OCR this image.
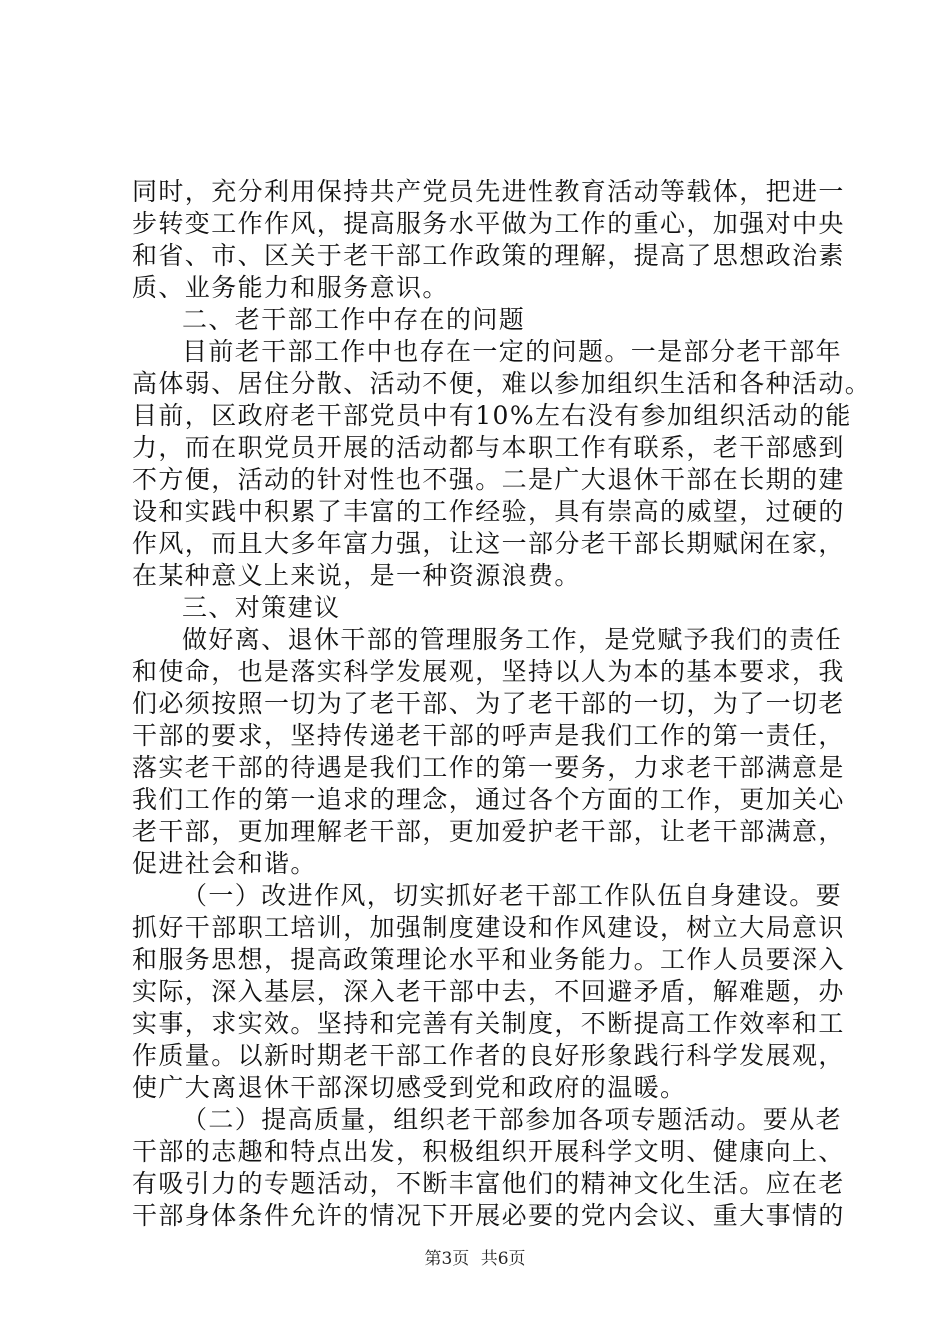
同时，充分利用保持共产党员先进性教育活动等载体，把进一
步转变工作作风，提高服务水平做为工作的重心，加强对中央
和省、市、区关于老干部工作政策的理解，提高了思想政治素
质、业务能力和服务意识。
二、老干部工作中存在的问题
目前老干部工作中也存在一定的问题。一是部分老干部年
高体弱、居住分散、活动不便，难以参加组织生活和各种活动。
目前，区政府老干部党员中有10%左右没有参加组织活动的能
力，而在职党员开展的活动都与本职工作有联系，老干部感到
不方便，活动的针对性也不强。二是广大退休干部在长期的建
设和实践中积累了丰富的工作经验，具有崇高的威望，过硬的
作风，而且大多年富力强，让这一部分老干部长期赋闲在家，
在某种意义上来说，是一种资源浪费。
三、对策建议
做好离、退休干部的管理服务工作，是党赋予我们的责任
和使命，也是落实科学发展观，坚持以人为本的基本要求，我
们必须按照一切为了老干部、为了老干部的一切，为了一切老
干部的要求，坚持传递老干部的呼声是我们工作的第一责任，
落实老干部的待遇是我们工作的第一要务，力求老干部满意是
我们工作的第一追求的理念，通过各个方面的工作，更加关心
老干部，更加理解老干部，更加爱护老干部，让老干部满意，
促进社会和谐。
（一）改进作风，切实抓好老干部工作队伍自身建设。要
抓好干部职工培训，加强制度建设和作风建设，树立大局意识
和服务思想，提高政策理论水平和业务能力。工作人员要深入
实际，深入基层，深入老干部中去，不回避矛盾，解难题，办
实事，求实效。坚持和完善有关制度，不断提高工作效率和工
作质量。以新时期老干部工作者的良好形象践行科学发展观，
使广大离退休干部深切感受到党和政府的温暖。
（二）提高质量，组织老干部参加各项专题活动。要从老
干部的志趣和特点出发，积极组织开展科学文明、健康向上、
有吸引力的专题活动，不断丰富他们的精神文化生活。应在老
干部身体条件允许的情况下开展必要的党内会议、重大事情的
第3页 共6页
